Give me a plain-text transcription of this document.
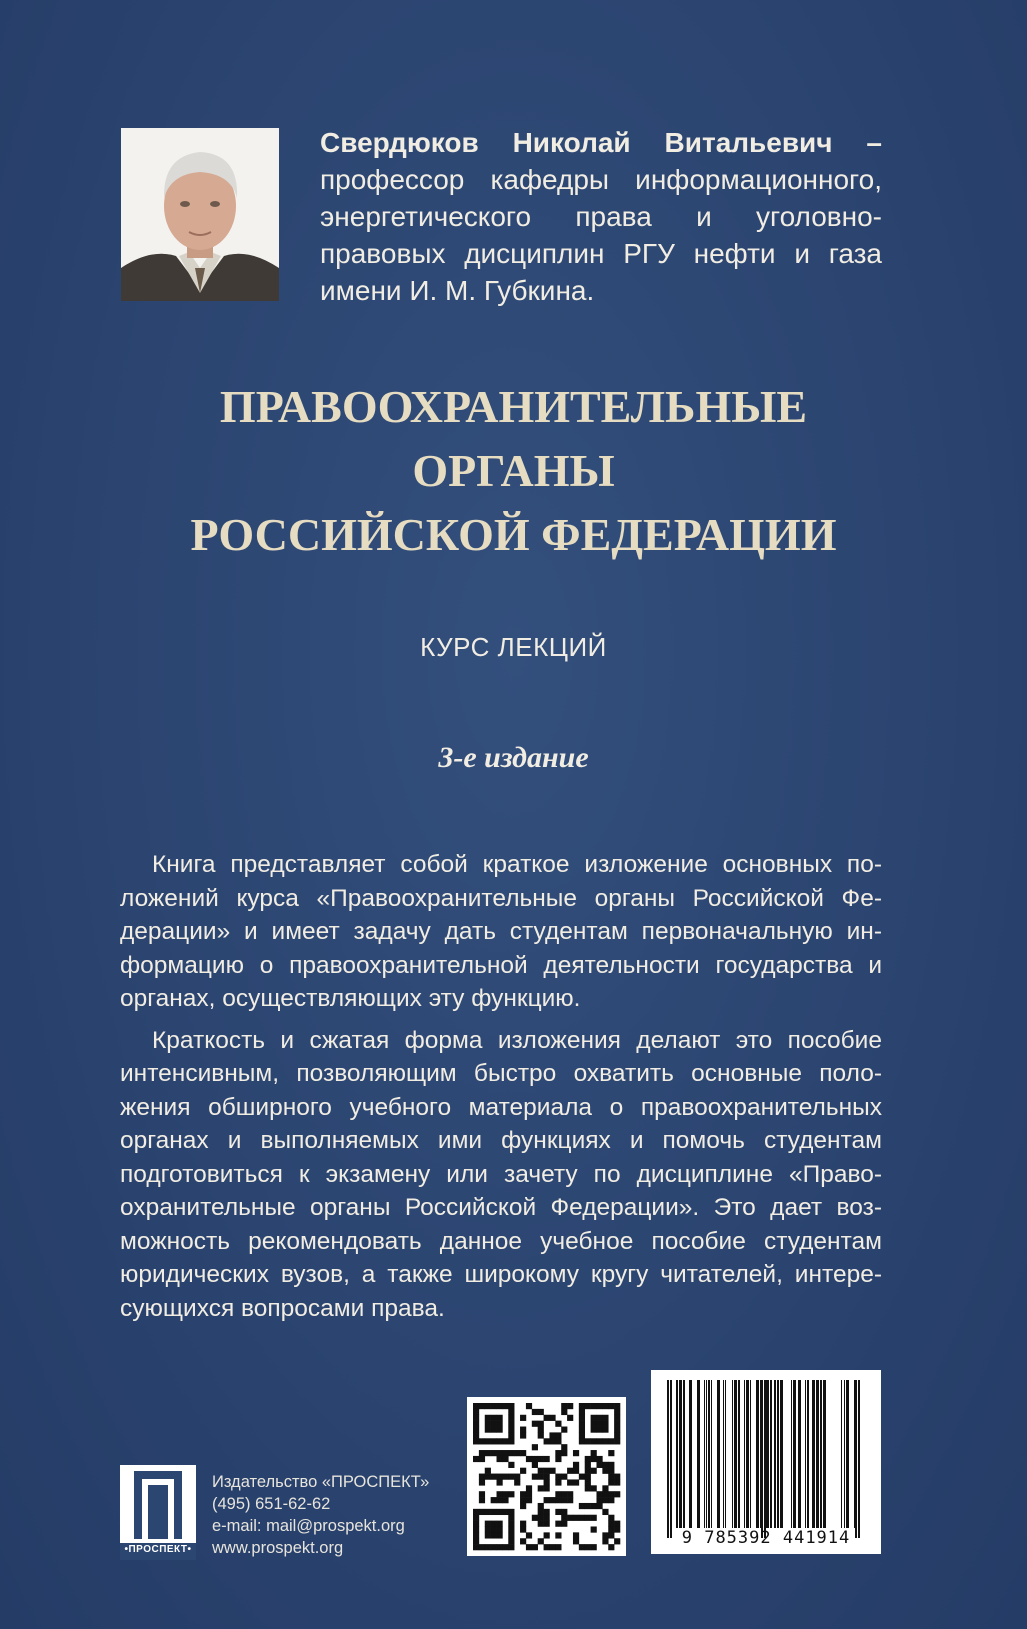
Свердюков Николай Витальевич – профессор кафедры информационного, энергетического права и уголовно-правовых дисциплин РГУ нефти и газа имени И. М. Губкина.
ПРАВООХРАНИТЕЛЬНЫЕ
ОРГАНЫ
РОССИЙСКОЙ ФЕДЕРАЦИИ
КУРС ЛЕКЦИЙ
3-е издание

Книга представляет собой краткое изложение основных положений курса «Правоохранительные органы Российской Федерации» и имеет задачу дать студентам первоначальную информацию о правоохранительной деятельности государства и органах, осуществляющих эту функцию.

Краткость и сжатая форма изложения делают это пособие интенсивным, позволяющим быстро охватить основные положения обширного учебного материала о правоохранительных органах и выполняемых ими функциях и помочь студентам подготовиться к экзамену или зачету по дисциплине «Правоохранительные органы Российской Федерации». Это дает возможность рекомендовать данное учебное пособие студентам юридических вузов, а также широкому кругу читателей, интересующихся вопросами права.

•ПРОСПЕКТ•
Издательство «ПРОСПЕКТ»
(495) 651-62-62
e-mail: mail@prospekt.org
www.prospekt.org	9 785392 441914
